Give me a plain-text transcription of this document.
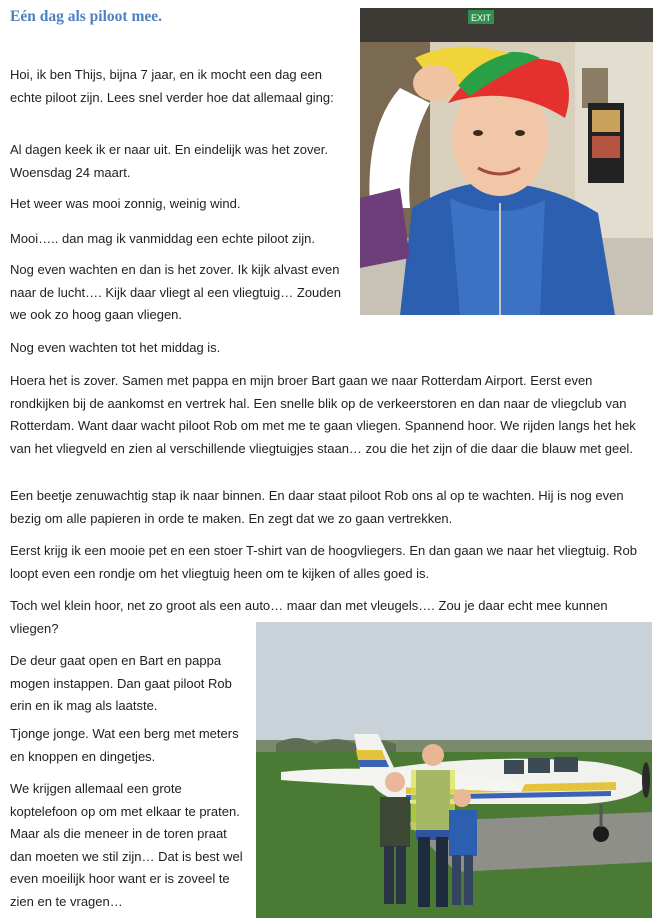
Eén dag als piloot mee.

Hoi, ik ben Thijs, bijna 7 jaar, en ik mocht een dag een echte piloot zijn. Lees snel verder hoe dat allemaal ging:

Al dagen keek ik er naar uit. En eindelijk was het zover. Woensdag 24 maart.

Het weer was mooi zonnig, weinig wind.

Mooi….. dan mag ik vanmiddag een echte piloot zijn.

Nog even wachten en dan is het zover. Ik kijk alvast even naar de lucht…. Kijk daar vliegt al een vliegtuig… Zouden we ook zo hoog gaan vliegen.

Nog even wachten tot het middag is.

Hoera het is zover. Samen met pappa en mijn broer Bart gaan we naar Rotterdam Airport. Eerst even rondkijken bij de aankomst en vertrek hal. Een snelle blik op de verkeerstoren en dan naar de vliegclub van Rotterdam. Want daar wacht piloot Rob om met me te gaan vliegen. Spannend hoor. We rijden langs het hek van het vliegveld en zien al verschillende vliegtuigjes staan… zou die het zijn of die daar die blauw met geel.

Een beetje zenuwachtig stap ik naar binnen. En daar staat piloot Rob ons al op te wachten. Hij is nog even bezig om alle papieren in orde te maken. En zegt dat we zo gaan vertrekken.

Eerst krijg ik een mooie pet en een stoer T-shirt van de hoogvliegers. En dan gaan we naar het vliegtuig. Rob loopt even een rondje om het vliegtuig heen om te kijken of alles goed is.

Toch wel klein hoor, net zo groot als een auto… maar dan met vleugels…. Zou je daar echt mee kunnen vliegen?

De deur gaat open en Bart en pappa mogen instappen. Dan gaat piloot Rob erin en ik mag als laatste.

Tjonge jonge. Wat een berg met meters en knoppen en dingetjes.

We krijgen allemaal een grote koptelefoon op om met elkaar te praten. Maar als die meneer in de toren praat dan moeten we stil zijn… Dat is best wel even moeilijk hoor want er is zoveel te zien en te vragen…

EXIT
